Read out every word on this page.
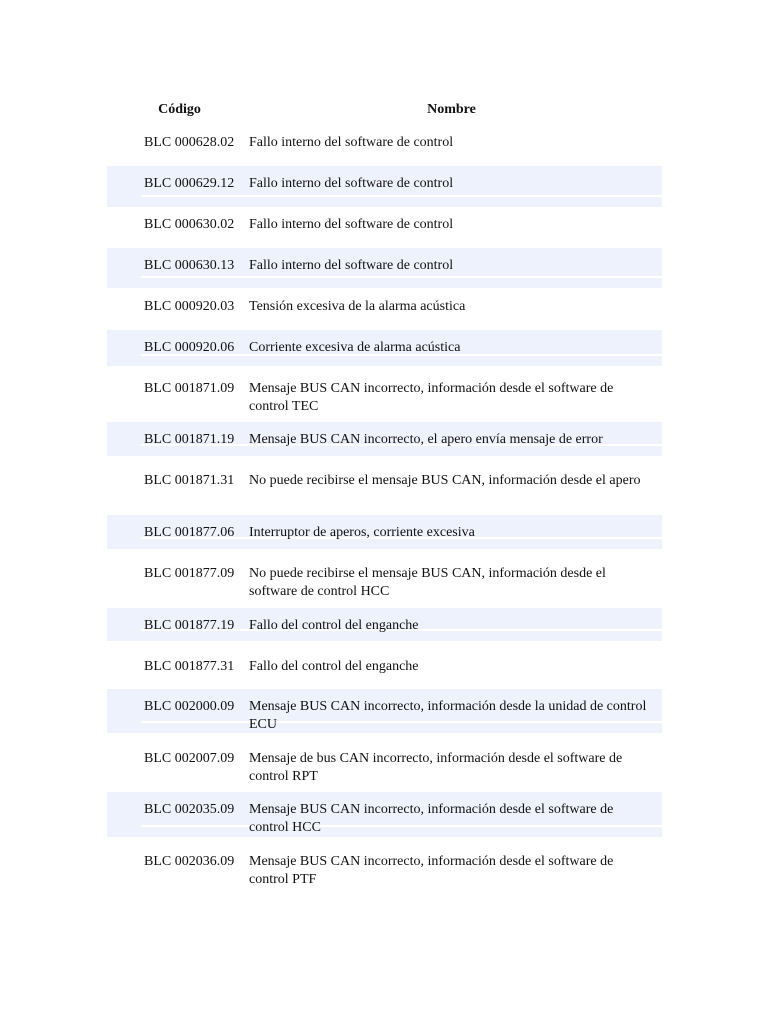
Código	Nombre
BLC 000628.02	Fallo interno del software de control
BLC 000629.12	Fallo interno del software de control
BLC 000630.02	Fallo interno del software de control
BLC 000630.13	Fallo interno del software de control
BLC 000920.03	Tensión excesiva de la alarma acústica
BLC 000920.06	Corriente excesiva de alarma acústica
BLC 001871.09	Mensaje BUS CAN incorrecto, información desde el software de control TEC
BLC 001871.19	Mensaje BUS CAN incorrecto, el apero envía mensaje de error
BLC 001871.31	No puede recibirse el mensaje BUS CAN, información desde el apero
BLC 001877.06	Interruptor de aperos, corriente excesiva
BLC 001877.09	No puede recibirse el mensaje BUS CAN, información desde el software de control HCC
BLC 001877.19	Fallo del control del enganche
BLC 001877.31	Fallo del control del enganche
BLC 002000.09	Mensaje BUS CAN incorrecto, información desde la unidad de control ECU
BLC 002007.09	Mensaje de bus CAN incorrecto, información desde el software de control RPT
BLC 002035.09	Mensaje BUS CAN incorrecto, información desde el software de control HCC
BLC 002036.09	Mensaje BUS CAN incorrecto, información desde el software de control PTF
